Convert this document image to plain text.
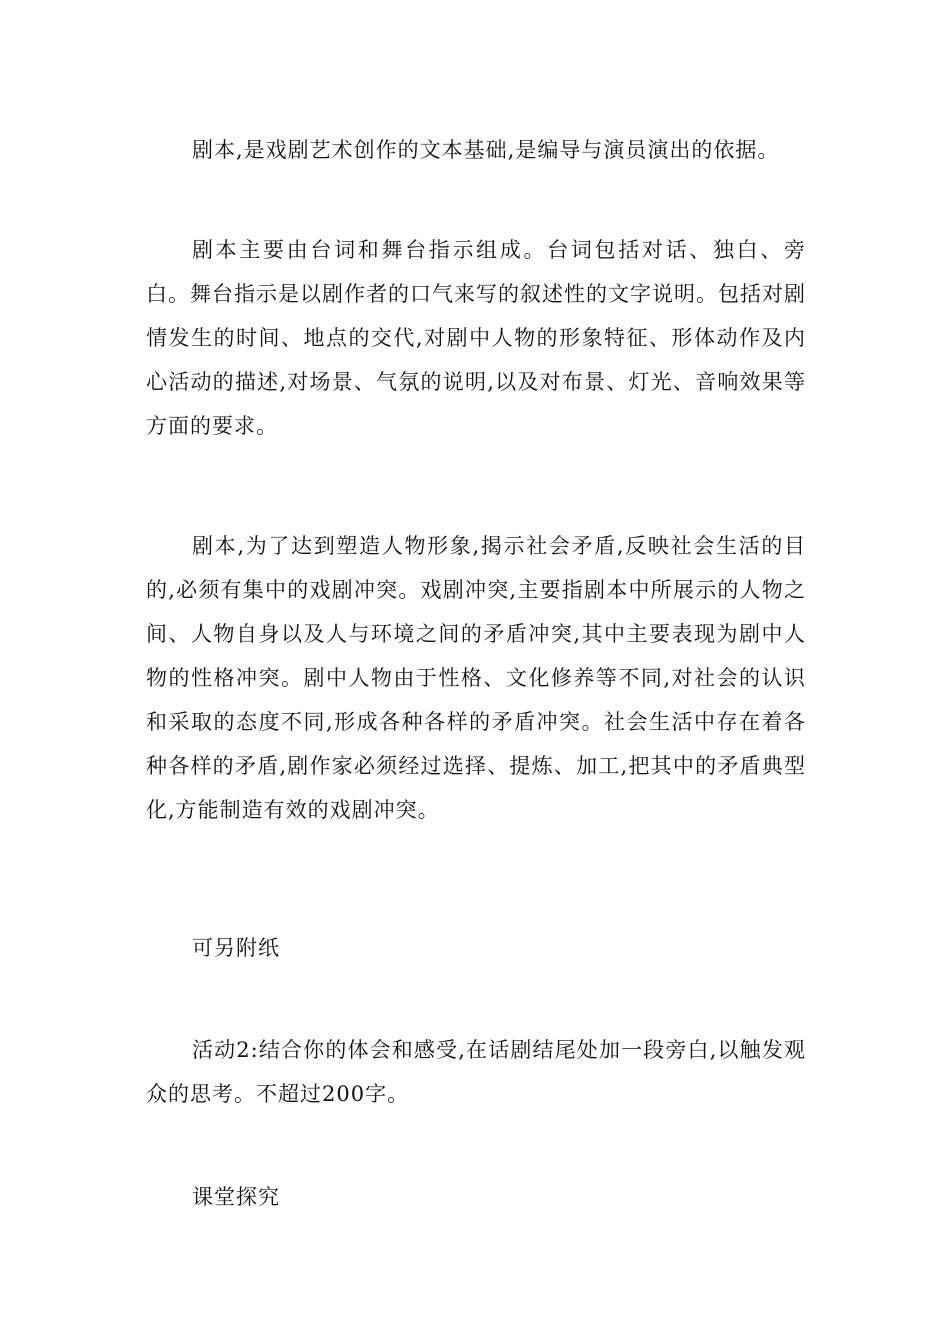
剧本,是戏剧艺术创作的文本基础,是编导与演员演出的依据。

剧本主要由台词和舞台指示组成。台词包括对话、独白、旁白。舞台指示是以剧作者的口气来写的叙述性的文字说明。包括对剧情发生的时间、地点的交代,对剧中人物的形象特征、形体动作及内心活动的描述,对场景、气氛的说明,以及对布景、灯光、音响效果等方面的要求。

剧本,为了达到塑造人物形象,揭示社会矛盾,反映社会生活的目的,必须有集中的戏剧冲突。戏剧冲突,主要指剧本中所展示的人物之间、人物自身以及人与环境之间的矛盾冲突,其中主要表现为剧中人物的性格冲突。剧中人物由于性格、文化修养等不同,对社会的认识和采取的态度不同,形成各种各样的矛盾冲突。社会生活中存在着各种各样的矛盾,剧作家必须经过选择、提炼、加工,把其中的矛盾典型化,方能制造有效的戏剧冲突。

可另附纸

活动2:结合你的体会和感受,在话剧结尾处加一段旁白,以触发观众的思考。不超过200字。

课堂探究
